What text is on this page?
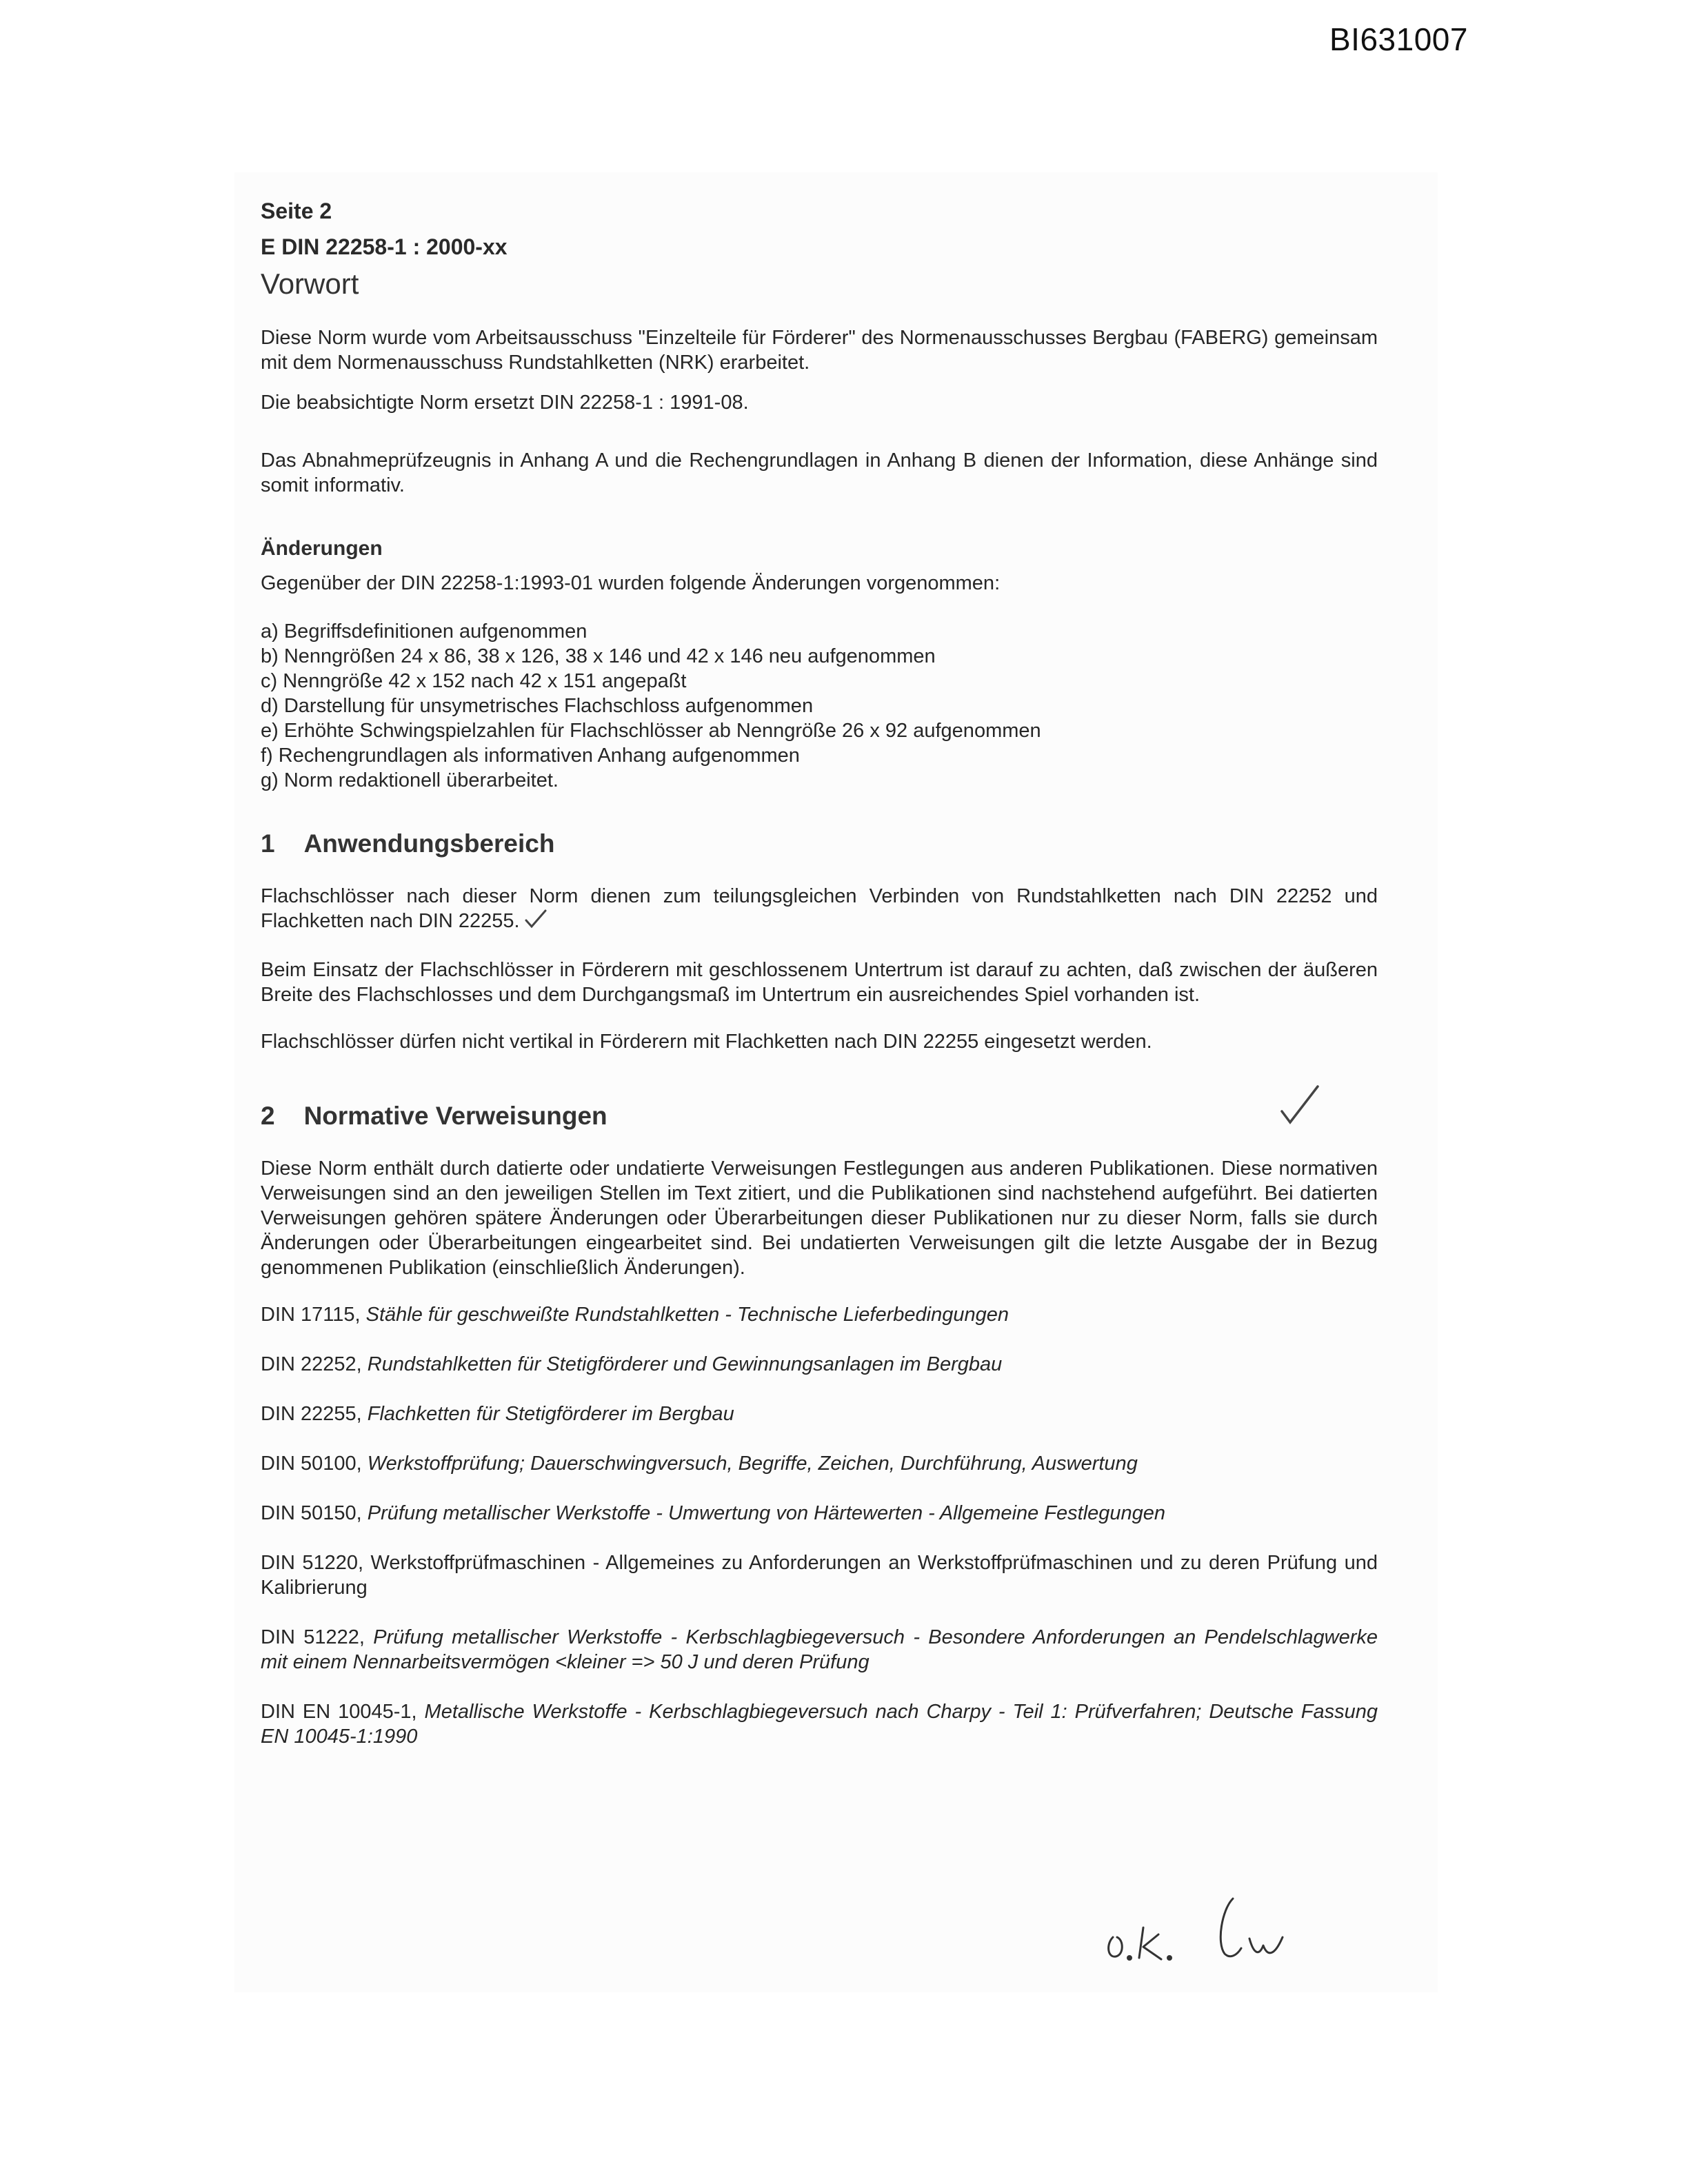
BI631007
Seite 2
E DIN 22258-1 : 2000-xx
Vorwort
Diese Norm wurde vom Arbeitsausschuss "Einzelteile für Förderer" des Normenausschusses Bergbau (FABERG) gemeinsam mit dem Normenausschuss Rundstahlketten (NRK) erarbeitet.
Die beabsichtigte Norm ersetzt DIN 22258-1 : 1991-08.
Das Abnahmeprüfzeugnis in Anhang A und die Rechengrundlagen in Anhang B dienen der Information, diese Anhänge sind somit informativ.
Änderungen
Gegenüber der DIN 22258-1:1993-01 wurden folgende Änderungen vorgenommen:
a) Begriffsdefinitionen aufgenommen
b) Nenngrößen 24 x 86, 38 x 126, 38 x 146 und 42 x 146 neu aufgenommen
c) Nenngröße 42 x 152 nach 42 x 151 angepaßt
d) Darstellung für unsymetrisches Flachschloss aufgenommen
e) Erhöhte Schwingspielzahlen für Flachschlösser ab Nenngröße 26 x 92 aufgenommen
f) Rechengrundlagen als informativen Anhang aufgenommen
g) Norm redaktionell überarbeitet.
1 Anwendungsbereich
Flachschlösser nach dieser Norm dienen zum teilungsgleichen Verbinden von Rundstahlketten nach DIN 22252 und Flachketten nach DIN 22255.
Beim Einsatz der Flachschlösser in Förderern mit geschlossenem Untertrum ist darauf zu achten, daß zwischen der äußeren Breite des Flachschlosses und dem Durchgangsmaß im Untertrum ein ausreichendes Spiel vorhanden ist.
Flachschlösser dürfen nicht vertikal in Förderern mit Flachketten nach DIN 22255 eingesetzt werden.
2 Normative Verweisungen
Diese Norm enthält durch datierte oder undatierte Verweisungen Festlegungen aus anderen Publikationen. Diese normativen Verweisungen sind an den jeweiligen Stellen im Text zitiert, und die Publikationen sind nachstehend aufgeführt. Bei datierten Verweisungen gehören spätere Änderungen oder Überarbeitungen dieser Publikationen nur zu dieser Norm, falls sie durch Änderungen oder Überarbeitungen eingearbeitet sind. Bei undatierten Verweisungen gilt die letzte Ausgabe der in Bezug genommenen Publikation (einschließlich Änderungen).
DIN 17115, Stähle für geschweißte Rundstahlketten - Technische Lieferbedingungen
DIN 22252, Rundstahlketten für Stetigförderer und Gewinnungsanlagen im Bergbau
DIN 22255, Flachketten für Stetigförderer im Bergbau
DIN 50100, Werkstoffprüfung; Dauerschwingversuch, Begriffe, Zeichen, Durchführung, Auswertung
DIN 50150, Prüfung metallischer Werkstoffe - Umwertung von Härtewerten - Allgemeine Festlegungen
DIN 51220, Werkstoffprüfmaschinen - Allgemeines zu Anforderungen an Werkstoffprüfmaschinen und zu deren Prüfung und Kalibrierung
DIN 51222, Prüfung metallischer Werkstoffe - Kerbschlagbiegeversuch - Besondere Anforderungen an Pendelschlagwerke mit einem Nennarbeitsvermögen <kleiner => 50 J und deren Prüfung
DIN EN 10045-1, Metallische Werkstoffe - Kerbschlagbiegeversuch nach Charpy - Teil 1: Prüfverfahren; Deutsche Fassung EN 10045-1:1990
